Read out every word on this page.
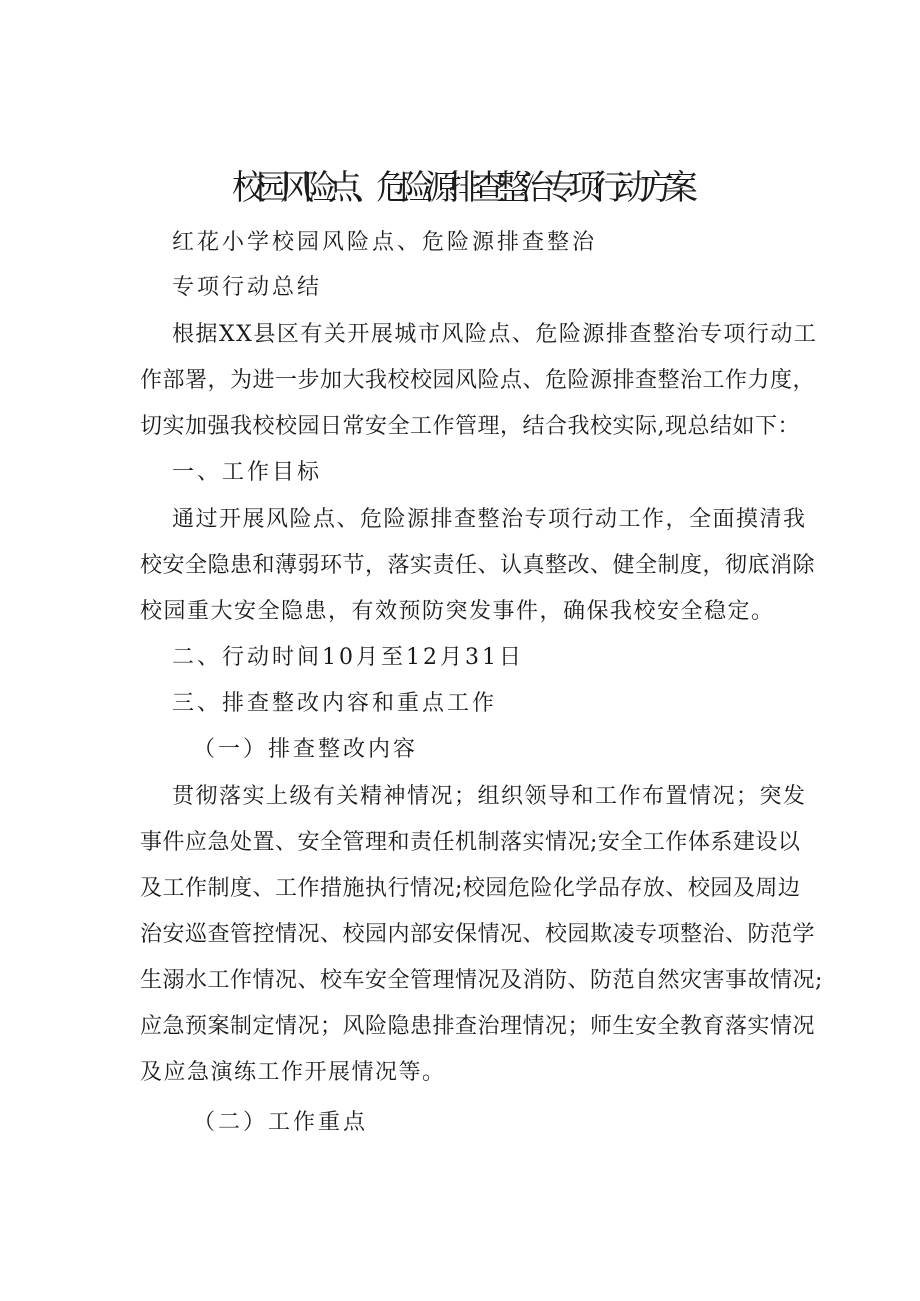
校园风险点、危险源排查整治专项行动方案

红花小学校园风险点、危险源排查整治

专项行动总结

根据XX县区有关开展城市风险点、危险源排查整治专项行动工

作部署，为进一步加大我校校园风险点、危险源排查整治工作力度，

切实加强我校校园日常安全工作管理，结合我校实际,现总结如下：

一、工作目标

通过开展风险点、危险源排查整治专项行动工作，全面摸清我

校安全隐患和薄弱环节，落实责任、认真整改、健全制度，彻底消除

校园重大安全隐患，有效预防突发事件，确保我校安全稳定。

二、行动时间10月至12月31日

三、排查整改内容和重点工作

（一）排查整改内容

贯彻落实上级有关精神情况；组织领导和工作布置情况；突发

事件应急处置、安全管理和责任机制落实情况;安全工作体系建设以

及工作制度、工作措施执行情况;校园危险化学品存放、校园及周边

治安巡查管控情况、校园内部安保情况、校园欺凌专项整治、防范学

生溺水工作情况、校车安全管理情况及消防、防范自然灾害事故情况;

应急预案制定情况；风险隐患排查治理情况；师生安全教育落实情况

及应急演练工作开展情况等。

（二）工作重点
